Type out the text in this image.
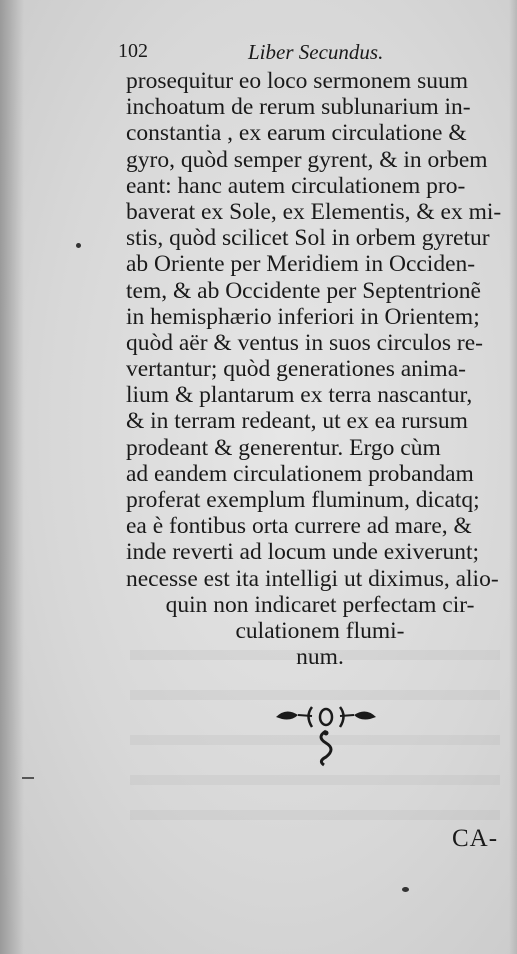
102	Liber Secundus.
prosequitur eo loco sermonem suum
inchoatum de rerum sublunarium in-
constantia , ex earum circulatione &
gyro, quòd semper gyrent, & in orbem
eant: hanc autem circulationem pro-
baverat ex Sole, ex Elementis, & ex mi-
stis, quòd scilicet Sol in orbem gyretur
ab Oriente per Meridiem in Occiden-
tem, & ab Occidente per Septentrionẽ
in hemisphærio inferiori in Orientem;
quòd aër & ventus in suos circulos re-
vertantur; quòd generationes anima-
lium & plantarum ex terra nascantur,
& in terram redeant, ut ex ea rursum
prodeant & generentur. Ergo cùm
ad eandem circulationem probandam
proferat exemplum fluminum, dicatq;
ea è fontibus orta currere ad mare, &
inde reverti ad locum unde exiverunt;
necesse est ita intelligi ut diximus, alio-
quin non indicaret perfectam cir-
culationem flumi-
num.
CA-
